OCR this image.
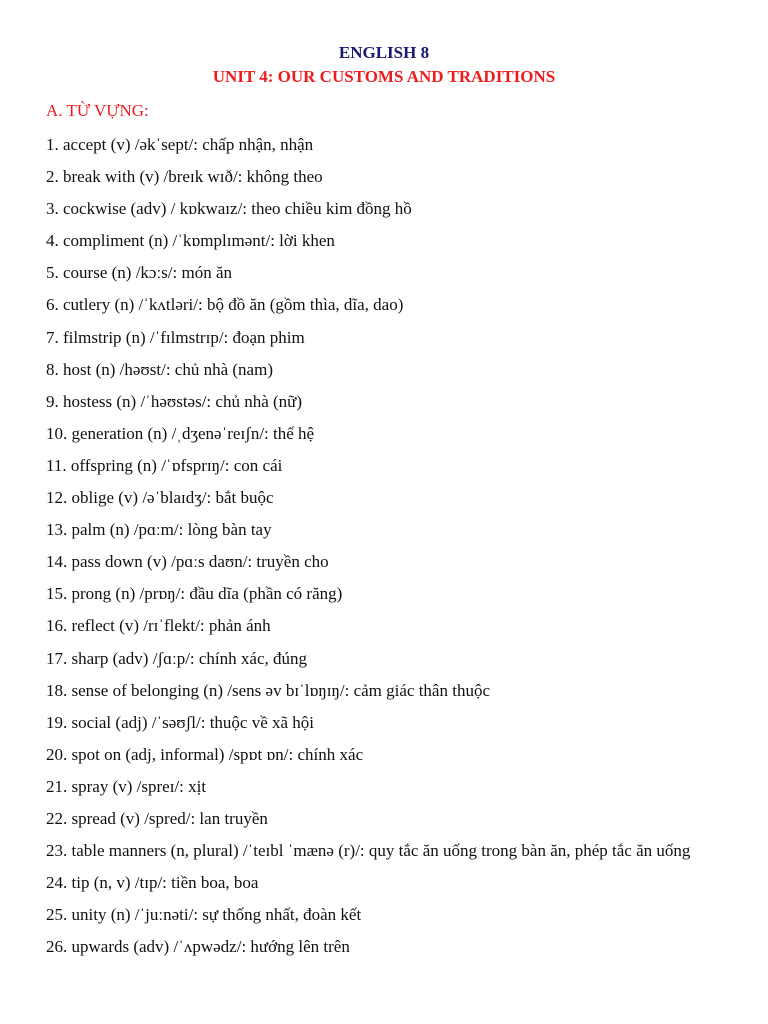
ENGLISH 8
UNIT 4: OUR CUSTOMS AND TRADITIONS
A. TỪ VỰNG:
1. accept (v) /əkˈsept/: chấp nhận, nhận
2. break with (v) /breɪk wɪð/: không theo
3. cockwise (adv) / kɒkwaɪz/: theo chiều kim đồng hồ
4. compliment (n) /ˈkɒmplɪmənt/: lời khen
5. course (n) /kɔːs/: món ăn
6. cutlery (n) /ˈkʌtləri/: bộ đồ ăn (gồm thìa, dĩa, dao)
7. filmstrip (n) /ˈfɪlmstrɪp/: đoạn phim
8. host (n) /həʊst/: chủ nhà (nam)
9. hostess (n) /ˈhəʊstəs/: chủ nhà (nữ)
10. generation (n) /ˌdʒenəˈreɪʃn/: thế hệ
11. offspring (n) /ˈɒfsprɪŋ/: con cái
12. oblige (v) /əˈblaɪdʒ/: bắt buộc
13. palm (n) /pɑːm/: lòng bàn tay
14. pass down (v) /pɑːs daʊn/: truyền cho
15. prong (n) /prɒŋ/: đầu dĩa (phần có răng)
16. reflect (v) /rɪˈflekt/: phản ánh
17. sharp (adv) /ʃɑːp/: chính xác, đúng
18. sense of belonging (n) /sens əv bɪˈlɒŋɪŋ/: cảm giác thân thuộc
19. social (adj) /ˈsəʊʃl/: thuộc về xã hội
20. spot on (adj, informal) /spɒt ɒn/: chính xác
21. spray (v) /spreɪ/: xịt
22. spread (v) /spred/: lan truyền
23. table manners (n, plural) /ˈteɪbl ˈmænə (r)/: quy tắc ăn uống trong bàn ăn, phép tắc ăn uống
24. tip (n, v) /tɪp/: tiền boa, boa
25. unity (n) /ˈjuːnəti/: sự thống nhất, đoàn kết
26. upwards (adv) /ˈʌpwədz/: hướng lên trên
